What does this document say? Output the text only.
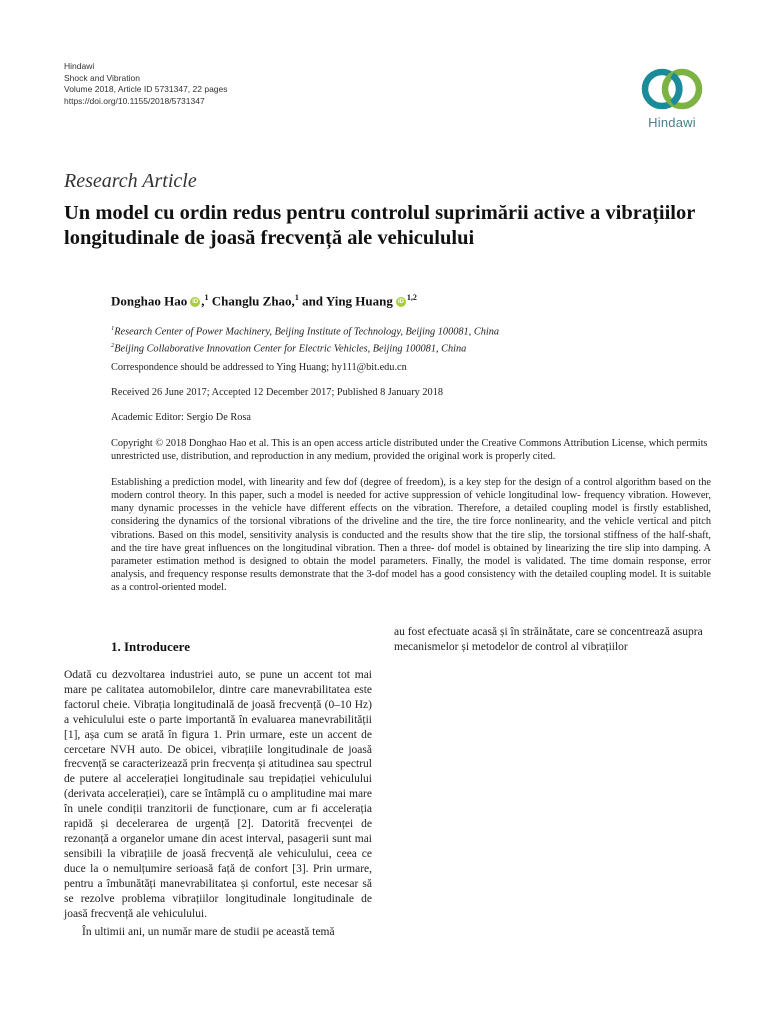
Hindawi
Shock and Vibration
Volume 2018, Article ID 5731347, 22 pages
https://doi.org/10.1155/2018/5731347
Hindawi
Research Article
Un model cu ordin redus pentru controlul suprimării active a vibrațiilor longitudinale de joasă frecvență ale vehiculului
Donghao Hao iD ,$^1$ Changlu Zhao,$^1$ and Ying Huang iD$^{1,2}$
$^1$Research Center of Power Machinery, Beijing Institute of Technology, Beijing 100081, China
$^2$Beijing Collaborative Innovation Center for Electric Vehicles, Beijing 100081, China
Correspondence should be addressed to Ying Huang; hy111@bit.edu.cn
Received 26 June 2017; Accepted 12 December 2017; Published 8 January 2018
Academic Editor: Sergio De Rosa
Copyright © 2018 Donghao Hao et al. This is an open access article distributed under the Creative Commons Attribution License, which permits unrestricted use, distribution, and reproduction in any medium, provided the original work is properly cited.
Establishing a prediction model, with linearity and few dof (degree of freedom), is a key step for the design of a control algorithm based on the modern control theory. In this paper, such a model is needed for active suppression of vehicle longitudinal low- frequency vibration. However, many dynamic processes in the vehicle have different effects on the vibration. Therefore, a detailed coupling model is firstly established, considering the dynamics of the torsional vibrations of the driveline and the tire, the tire force nonlinearity, and the vehicle vertical and pitch vibrations. Based on this model, sensitivity analysis is conducted and the results show that the tire slip, the torsional stiffness of the half-shaft, and the tire have great influences on the longitudinal vibration. Then a three- dof model is obtained by linearizing the tire slip into damping. A parameter estimation method is designed to obtain the model parameters. Finally, the model is validated. The time domain response, error analysis, and frequency response results demonstrate that the 3-dof model has a good consistency with the detailed coupling model. It is suitable as a control-oriented model.
1. Introducere

Odată cu dezvoltarea industriei auto, se pune un accent tot mai mare pe calitatea automobilelor, dintre care manevrabilitatea este factorul cheie. Vibrația longitudinală de joasă frecvență (0–10 Hz) a vehiculului este o parte importantă în evaluarea manevrabilității [1], așa cum se arată în figura 1. Prin urmare, este un accent de cercetare NVH auto. De obicei, vibrațiile longitudinale de joasă frecvență se caracterizează prin frecvența și atitudinea sau spectrul de putere al accelerației longitudinale sau trepidației vehiculului (derivata accelerației), care se întâmplă cu o amplitudine mai mare în unele condiții tranzitorii de funcționare, cum ar fi accelerația rapidă și decelerarea de urgență [2]. Datorită frecvenței de rezonanță a organelor umane din acest interval, pasagerii sunt mai sensibili la vibrațiile de joasă frecvență ale vehiculului, ceea ce duce la o nemulțumire serioasă față de confort [3]. Prin urmare, pentru a îmbunătăți manevrabilitatea și confortul, este necesar să se rezolve problema vibrațiilor longitudinale longitudinale de joasă frecvență ale vehiculului.

În ultimii ani, un număr mare de studii pe această temă

au fost efectuate acasă și în străinătate, care se concentrează asupra mecanismelor și metodelor de control al vibrațiilor
